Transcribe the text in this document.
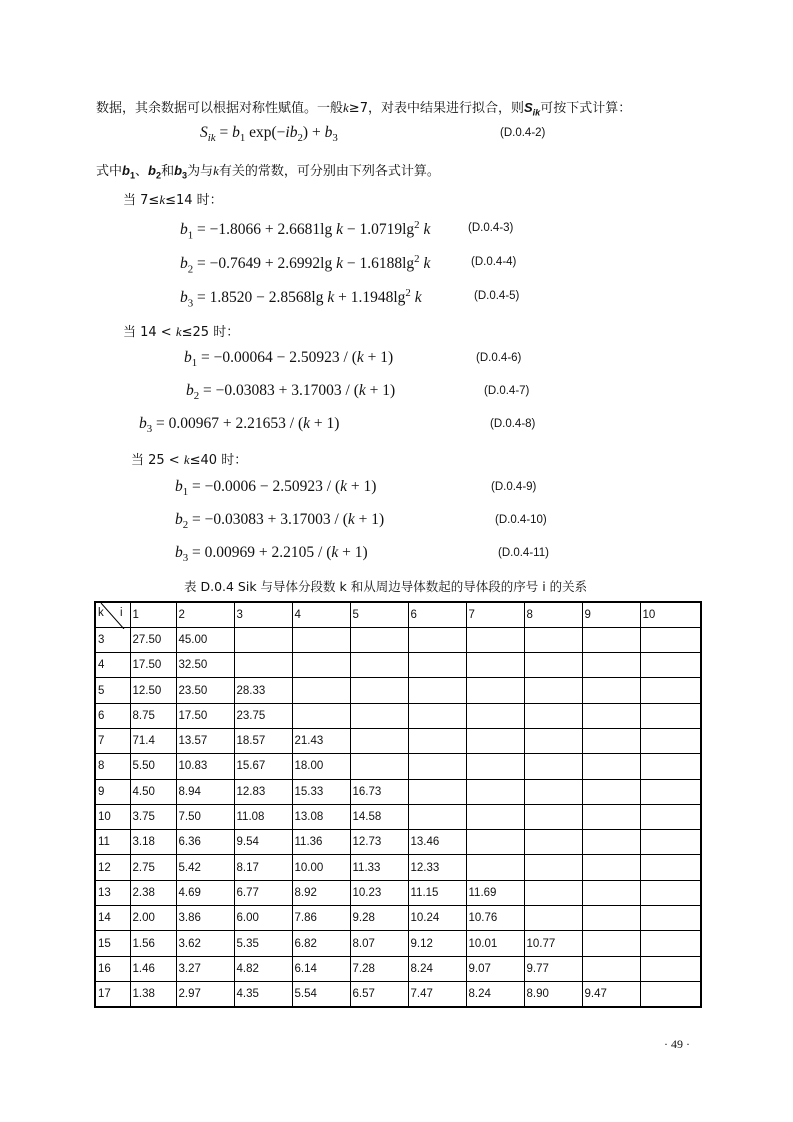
数据，其余数据可以根据对称性赋值。一般k≥7，对表中结果进行拟合，则$S_{ik}$可按下式计算：
$S_{ik} = b_1$ $\exp(-ib_2) + b_3$	(D.0.4-2)
式中$b_1$、$b_2$和$b_3$为与k有关的常数，可分别由下列各式计算。
当 7≤k≤14 时：
$b_1 = -1.8066 + 2.6681\lg$ $k - 1.0719\lg^2$ k	(D.0.4-3)
$b_2 = -0.7649 + 2.6992\lg$ $k - 1.6188\lg^2$ k	(D.0.4-4)
$b_3 = 1.8520 - 2.8568\lg$ $k + 1.1948\lg^2$ k	(D.0.4-5)
当 14 < k≤25 时：
$b_1 = -0.00064 - 2.50923 / (k + 1)$	(D.0.4-6)
$b_2 = -0.03083 + 3.17003 / (k + 1)$	(D.0.4-7)
$b_3 = 0.00967 + 2.21653 / (k + 1)$	(D.0.4-8)
当 25 < k≤40 时：
$b_1 = -0.0006 - 2.50923 / (k + 1)$	(D.0.4-9)
$b_2 = -0.03083 + 3.17003 / (k + 1)$	(D.0.4-10)
$b_3 = 0.00969 + 2.2105 / (k + 1)$	(D.0.4-11)
表 D.0.4 Sik 与导体分段数 k 和从周边导体数起的导体段的序号 i 的关系
k i	1	2	3	4	5	6	7	8	9	10
3	27.50	45.00								
4	17.50	32.50								
5	12.50	23.50	28.33							
6	8.75	17.50	23.75							
7	71.4	13.57	18.57	21.43						
8	5.50	10.83	15.67	18.00						
9	4.50	8.94	12.83	15.33	16.73					
10	3.75	7.50	11.08	13.08	14.58					
11	3.18	6.36	9.54	11.36	12.73	13.46				
12	2.75	5.42	8.17	10.00	11.33	12.33				
13	2.38	4.69	6.77	8.92	10.23	11.15	11.69			
14	2.00	3.86	6.00	7.86	9.28	10.24	10.76			
15	1.56	3.62	5.35	6.82	8.07	9.12	10.01	10.77		
16	1.46	3.27	4.82	6.14	7.28	8.24	9.07	9.77		
17	1.38	2.97	4.35	5.54	6.57	7.47	8.24	8.90	9.47	
· 49 ·
